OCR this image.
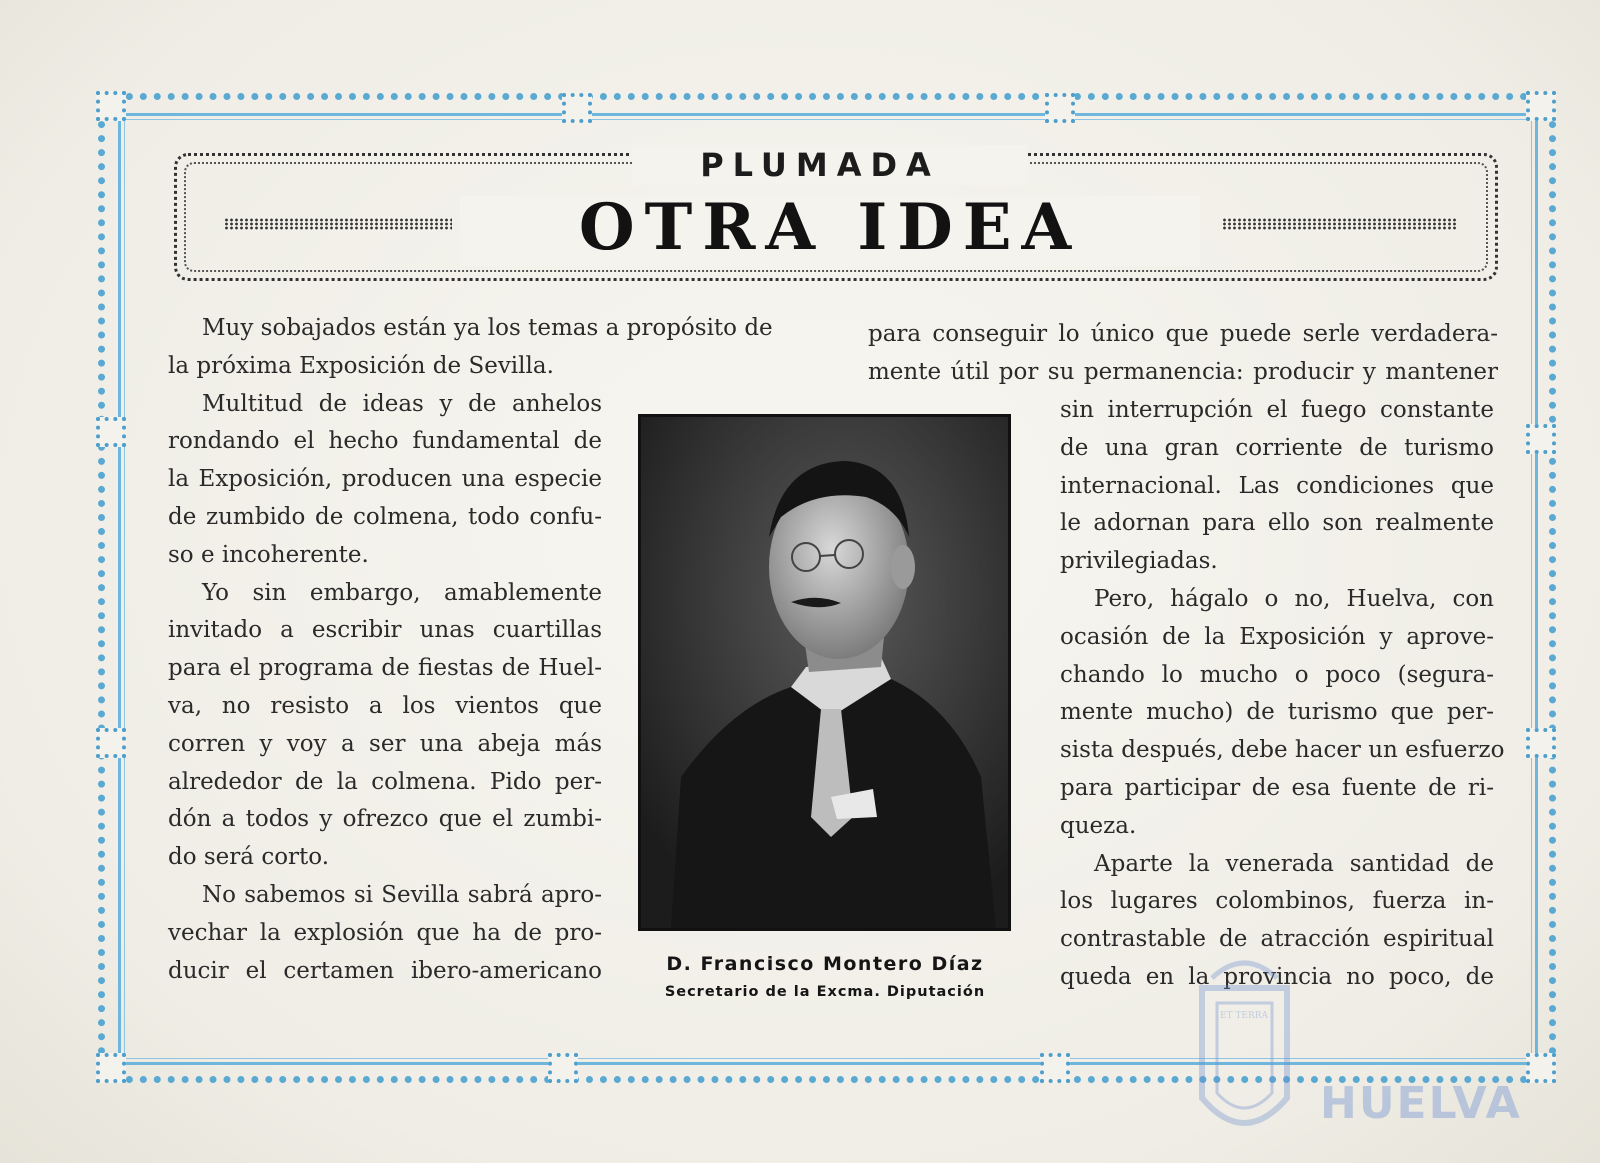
PLUMADA
OTRA IDEA
para conseguir lo único que puede serle verdadera-
mente útil por su permanencia: producir y mantener
Muy sobajados están ya los temas a propósito de
la próxima Exposición de Sevilla.
Multitud de ideas y de anhelos
rondando el hecho fundamental de
la Exposición, producen una especie
de zumbido de colmena, todo confu-
so e incoherente.
Yo sin embargo, amablemente
invitado a escribir unas cuartillas
para el programa de fiestas de Huel-
va, no resisto a los vientos que
corren y voy a ser una abeja más
alrededor de la colmena. Pido per-
dón a todos y ofrezco que el zumbi-
do será corto.
No sabemos si Sevilla sabrá apro-
vechar la explosión que ha de pro-
ducir el certamen ibero-americano
sin interrupción el fuego constante
de una gran corriente de turismo
internacional. Las condiciones que
le adornan para ello son realmente
privilegiadas.
Pero, hágalo o no, Huelva, con
ocasión de la Exposición y aprove-
chando lo mucho o poco (segura-
mente mucho) de turismo que per-
sista después, debe hacer un esfuerzo
para participar de esa fuente de ri-
queza.
Aparte la venerada santidad de
los lugares colombinos, fuerza in-
contrastable de atracción espiritual
queda en la provincia no poco, de
D. Francisco Montero Díaz
Secretario de la Excma. Diputación
ET TERRA
HUELVA
